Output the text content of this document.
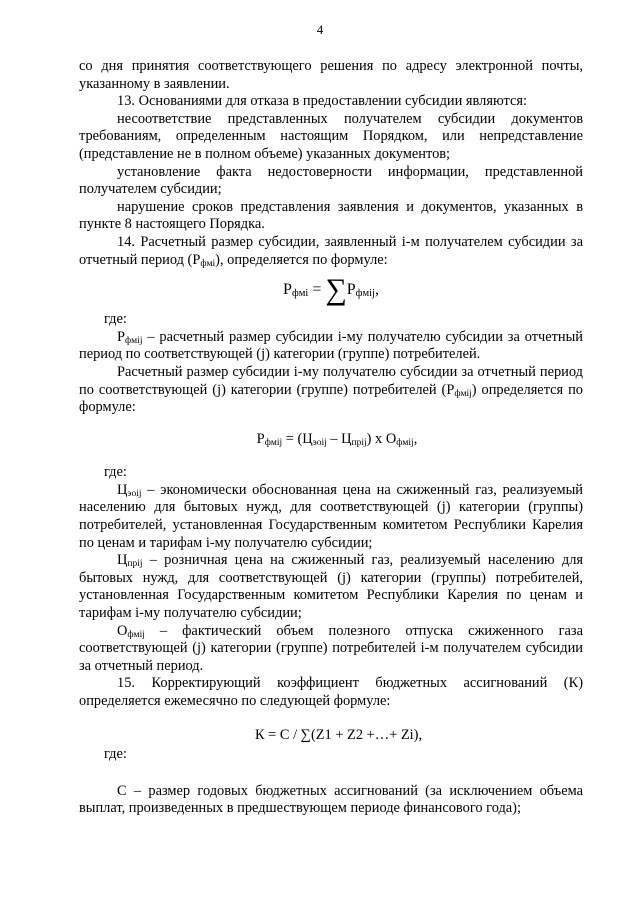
4

со дня принятия соответствующего решения по адресу электронной почты, указанному в заявлении.

13. Основаниями для отказа в предоставлении субсидии являются:

несоответствие представленных получателем субсидии документов требованиям, определенным настоящим Порядком, или непредставление (представление не в полном объеме) указанных документов;

установление факта недостоверности информации, представленной получателем субсидии;

нарушение сроков представления заявления и документов, указанных в пункте 8 настоящего Порядка.

14. Расчетный размер субсидии, заявленный i-м получателем субсидии за отчетный период $(Р_{фмi})$, определяется по формуле:

$Р_{фмi} = \sum Р_{фмij}$,

где:

$Р_{фмij}$ – расчетный размер субсидии i-му получателю субсидии за отчетный период по соответствующей (j) категории (группе) потребителей.

Расчетный размер субсидии i-му получателю субсидии за отчетный период по соответствующей (j) категории (группе) потребителей $(Р_{фмij})$ определяется по формуле:

$Р_{фмij} = (Ц_{эоij} - Ц_{прij})$ х $О_{фмij}$,

где:

$Ц_{эоij}$ – экономически обоснованная цена на сжиженный газ, реализуемый населению для бытовых нужд, для соответствующей (j) категории (группы) потребителей, установленная Государственным комитетом Республики Карелия по ценам и тарифам i-му получателю субсидии;

$Ц_{прij}$ – розничная цена на сжиженный газ, реализуемый населению для бытовых нужд, для соответствующей (j) категории (группы) потребителей, установленная Государственным комитетом Республики Карелия по ценам и тарифам i-му получателю субсидии;

$О_{фмij}$ – фактический объем полезного отпуска сжиженного газа соответствующей (j) категории (группе) потребителей i-м получателем субсидии за отчетный период.

15. Корректирующий коэффициент бюджетных ассигнований (К) определяется ежемесячно по следующей формуле:

К = С / ∑(Z1 + Z2 +…+ Zi),

где:

С – размер годовых бюджетных ассигнований (за исключением объема выплат, произведенных в предшествующем периоде финансового года);
